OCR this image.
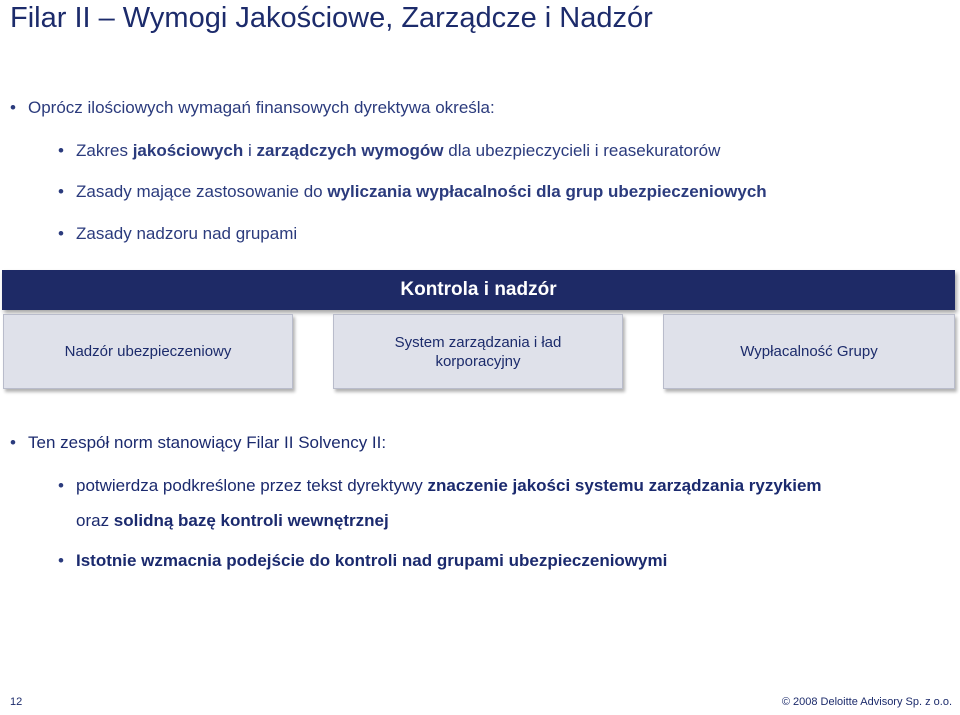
Filar II – Wymogi Jakościowe, Zarządcze i Nadzór
• Oprócz ilościowych wymagań finansowych dyrektywa określa:
• Zakres jakościowych i zarządczych wymogów dla ubezpieczycieli i reasekuratorów
• Zasady mające zastosowanie do wyliczania wypłacalności dla grup ubezpieczeniowych
• Zasady nadzoru nad grupami
Kontrola i nadzór
Nadzór ubezpieczeniowy
System zarządzania i ład korporacyjny
Wypłacalność Grupy
• Ten zespół norm stanowiący Filar II Solvency II:
• potwierdza podkreślone przez tekst dyrektywy znaczenie jakości systemu zarządzania ryzykiem
oraz solidną bazę kontroli wewnętrznej
• Istotnie wzmacnia podejście do kontroli nad grupami ubezpieczeniowymi
12	© 2008 Deloitte Advisory Sp. z o.o.
